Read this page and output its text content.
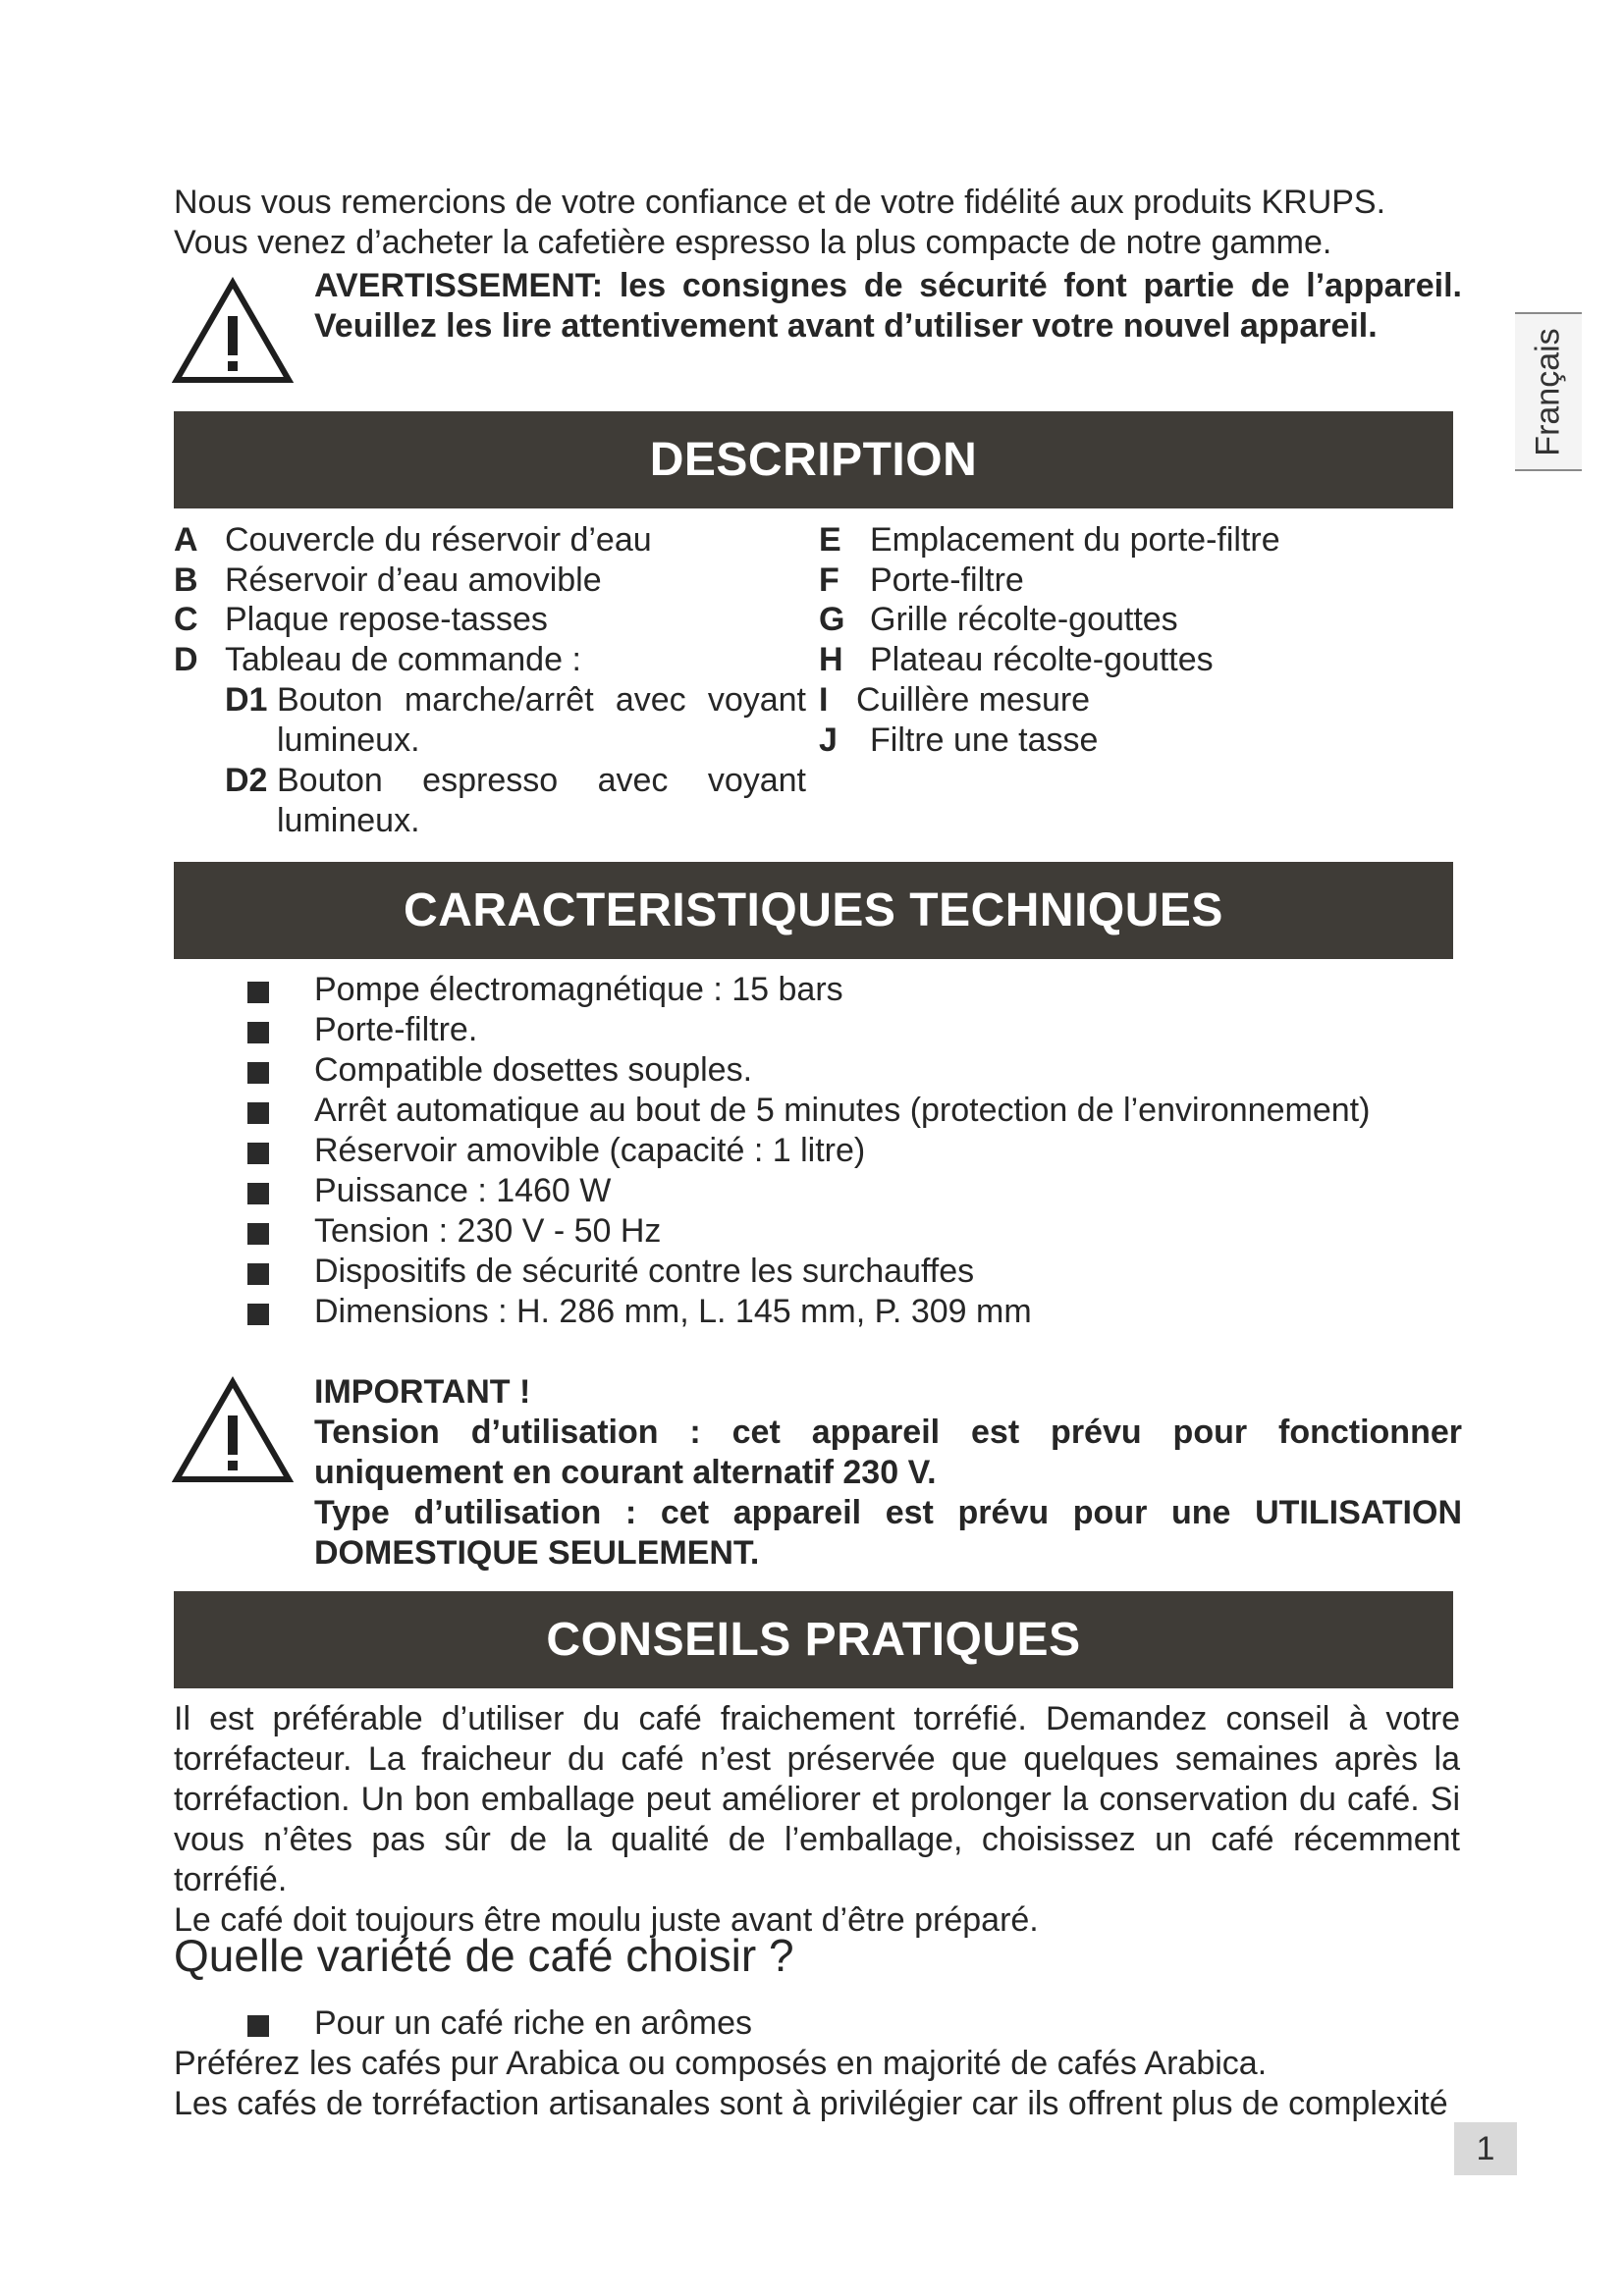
Nous vous remercions de votre confiance et de votre fidélité aux produits KRUPS. Vous venez d’acheter la cafetière espresso la plus compacte de notre gamme.
AVERTISSEMENT: les consignes de sécurité font partie de l’appareil.
Veuillez les lire attentivement avant d’utiliser votre nouvel appareil.
Français
DESCRIPTION
A Couvercle du réservoir d’eau
B Réservoir d’eau amovible
C Plaque repose-tasses
D Tableau de commande :
D1 Bouton marche/arrêt avec voyant lumineux.
D2 Bouton espresso avec voyant lumineux.
E Emplacement du porte-filtre
F Porte-filtre
G Grille récolte-gouttes
H Plateau récolte-gouttes
I Cuillère mesure
J Filtre une tasse
CARACTERISTIQUES TECHNIQUES
Pompe électromagnétique : 15 bars
Porte-filtre.
Compatible dosettes souples.
Arrêt automatique au bout de 5 minutes (protection de l’environnement)
Réservoir amovible (capacité : 1 litre)
Puissance : 1460 W
Tension : 230 V - 50 Hz
Dispositifs de sécurité contre les surchauffes
Dimensions : H. 286 mm, L. 145 mm, P. 309 mm
IMPORTANT !
Tension d’utilisation : cet appareil est prévu pour fonctionner uniquement en courant alternatif 230 V.
Type d’utilisation : cet appareil est prévu pour une UTILISATION DOMESTIQUE SEULEMENT.
CONSEILS PRATIQUES
Il est préférable d’utiliser du café fraichement torréfié. Demandez conseil à votre torréfacteur. La fraicheur du café n’est préservée que quelques semaines après la torréfaction. Un bon emballage peut améliorer et prolonger la conservation du café. Si vous n’êtes pas sûr de la qualité de l’emballage, choisissez un café récemment torréfié.
Le café doit toujours être moulu juste avant d’être préparé.
Quelle variété de café choisir ?
Pour un café riche en arômes
Préférez les cafés pur Arabica ou composés en majorité de cafés Arabica.
Les cafés de torréfaction artisanales sont à privilégier car ils offrent plus de complexité
1
